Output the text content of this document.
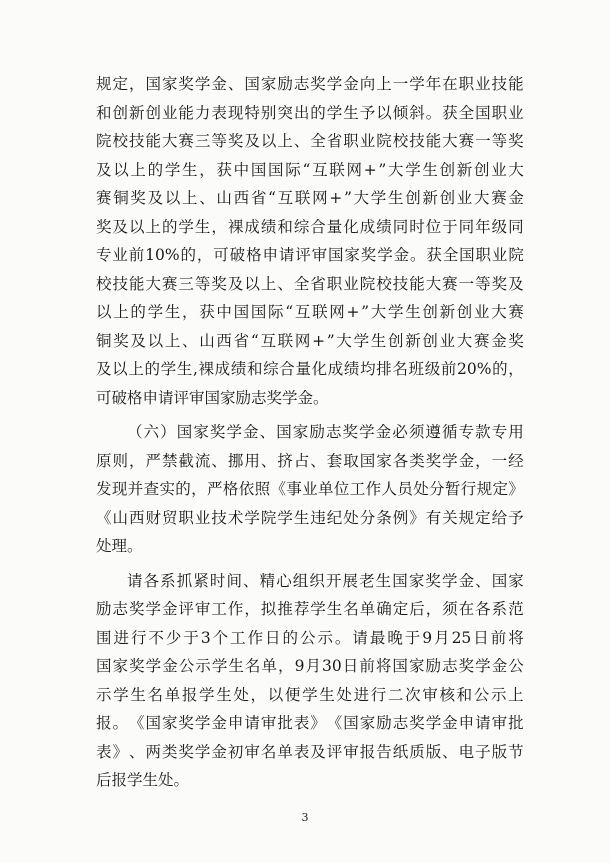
规 定 ， 国 家 奖 学 金 、 国 家 励 志 奖 学 金 向 上 一 学 年 在 职 业 技 能
和 创 新 创 业 能 力 表 现 特 别 突 出 的 学 生 予 以 倾 斜 。 获 全 国 职 业
院 校 技 能 大 赛 三 等 奖 及 以 上 、 全 省 职 业 院 校 技 能 大 赛 一 等 奖
及 以 上 的 学 生 ， 获 中 国 国 际 “ 互 联 网 + ” 大 学 生 创 新 创 业 大
赛 铜 奖 及 以 上 、 山 西 省 “ 互 联 网 + ” 大 学 生 创 新 创 业 大 赛 金
奖 及 以 上 的 学 生 ， 裸 成 绩 和 综 合 量 化 成 绩 同 时 位 于 同 年 级 同
专 业 前 10% 的 ， 可 破 格 申 请 评 审 国 家 奖 学 金 。 获 全 国 职 业 院
校 技 能 大 赛 三 等 奖 及 以 上 、 全 省 职 业 院 校 技 能 大 赛 一 等 奖 及
以 上 的 学 生 ， 获 中 国 国 际 “ 互 联 网 + ” 大 学 生 创 新 创 业 大 赛
铜 奖 及 以 上 、 山 西 省 “ 互 联 网 + ” 大 学 生 创 新 创 业 大 赛 金 奖
及 以 上 的 学 生 , 裸 成 绩 和 综 合 量 化 成 绩 均 排 名 班 级 前 20% 的 ，
可破格申请评审国家励志奖学金。
（ 六 ） 国 家 奖 学 金 、 国 家 励 志 奖 学 金 必 须 遵 循 专 款 专 用
原 则 ， 严 禁 截 流 、 挪 用 、 挤 占 、 套 取 国 家 各 类 奖 学 金 ， 一 经
发 现 并 查 实 的 ， 严 格 依 照 《 事 业 单 位 工 作 人 员 处 分 暂 行 规 定 》
《 山 西 财 贸 职 业 技 术 学 院 学 生 违 纪 处 分 条 例 》 有 关 规 定 给 予
处理。
请 各 系 抓 紧 时 间 、 精 心 组 织 开 展 老 生 国 家 奖 学 金 、 国 家
励 志 奖 学 金 评 审 工 作 ， 拟 推 荐 学 生 名 单 确 定 后 ， 须 在 各 系 范
围 进 行 不 少 于 3 个 工 作 日 的 公 示 。 请 最 晚 于 9 月 25 日 前 将
国 家 奖 学 金 公 示 学 生 名 单 ， 9 月 30 日 前 将 国 家 励 志 奖 学 金 公
示 学 生 名 单 报 学 生 处 ， 以 便 学 生 处 进 行 二 次 审 核 和 公 示 上
报 。 《 国 家 奖 学 金 申 请 审 批 表 》 《 国 家 励 志 奖 学 金 申 请 审 批
表 》 、 两 类 奖 学 金 初 审 名 单 表 及 评 审 报 告 纸 质 版 、 电 子 版 节
后报学生处。
3
